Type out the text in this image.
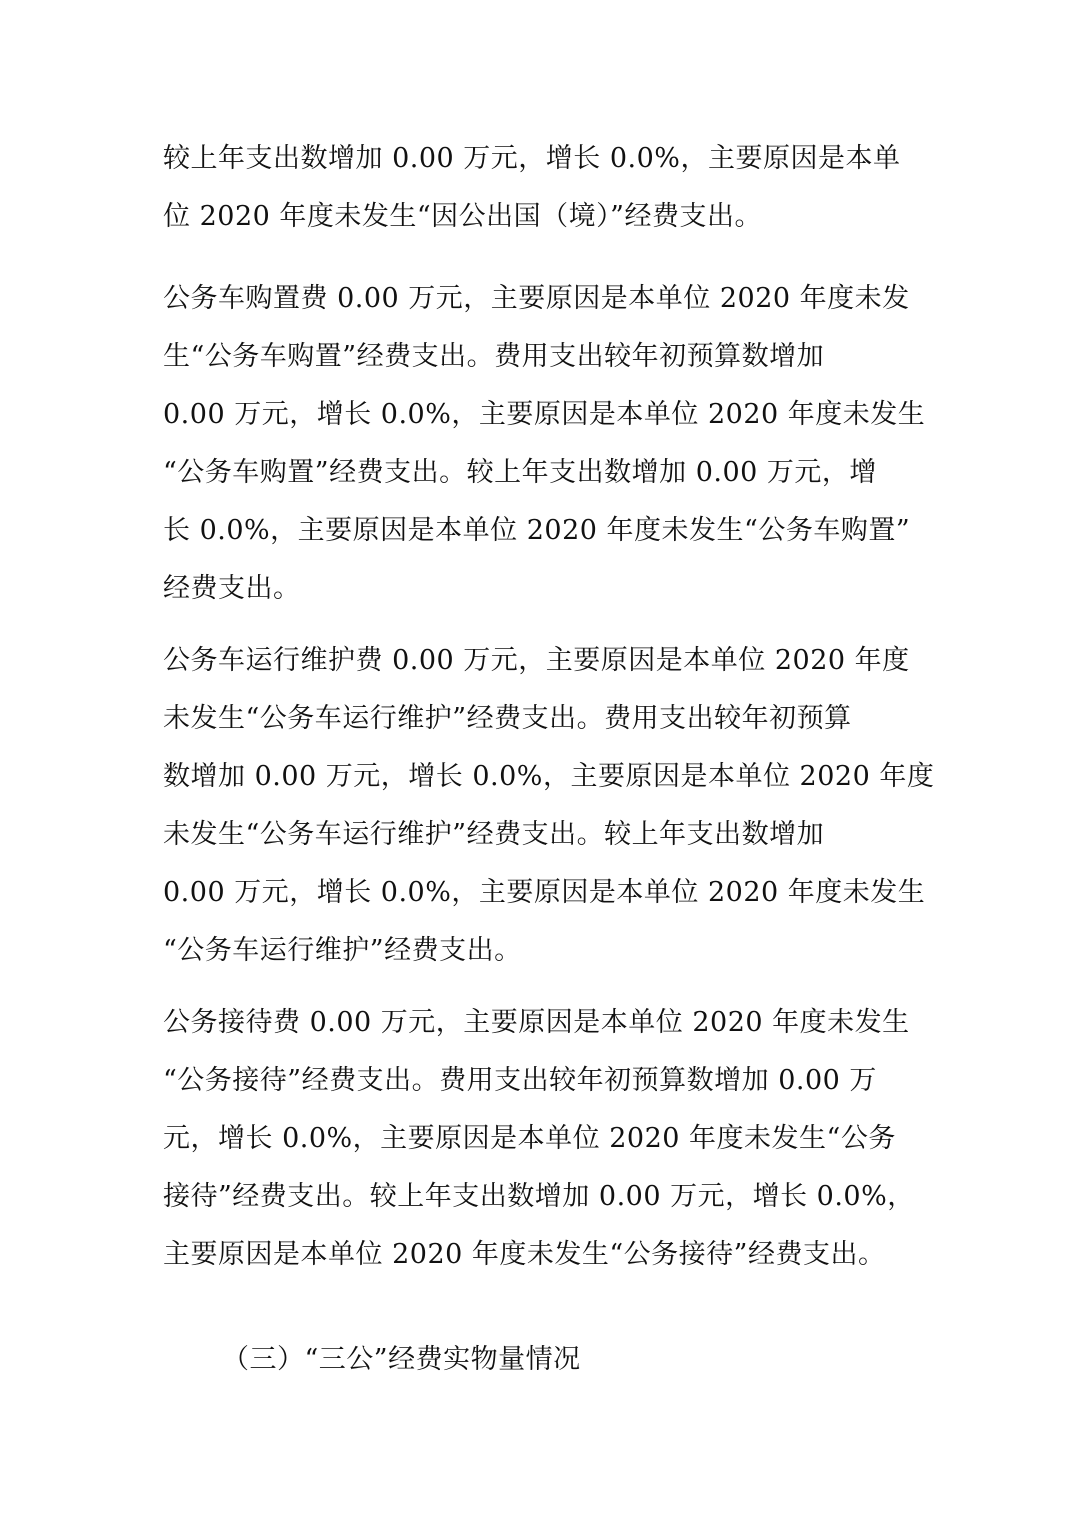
较上年支出数增加 0.00 万元，增长 0.0%，主要原因是本单
位 2020 年度未发生“因公出国（境）”经费支出。
公务车购置费 0.00 万元，主要原因是本单位 2020 年度未发
生“公务车购置”经费支出。费用支出较年初预算数增加
0.00 万元，增长 0.0%，主要原因是本单位 2020 年度未发生
“公务车购置”经费支出。较上年支出数增加 0.00 万元，增
长 0.0%，主要原因是本单位 2020 年度未发生“公务车购置”
经费支出。
公务车运行维护费 0.00 万元，主要原因是本单位 2020 年度
未发生“公务车运行维护”经费支出。费用支出较年初预算
数增加 0.00 万元，增长 0.0%，主要原因是本单位 2020 年度
未发生“公务车运行维护”经费支出。较上年支出数增加
0.00 万元，增长 0.0%，主要原因是本单位 2020 年度未发生
“公务车运行维护”经费支出。
公务接待费 0.00 万元，主要原因是本单位 2020 年度未发生
“公务接待”经费支出。费用支出较年初预算数增加 0.00 万
元，增长 0.0%，主要原因是本单位 2020 年度未发生“公务
接待”经费支出。较上年支出数增加 0.00 万元，增长 0.0%，
主要原因是本单位 2020 年度未发生“公务接待”经费支出。
（三）“三公”经费实物量情况
